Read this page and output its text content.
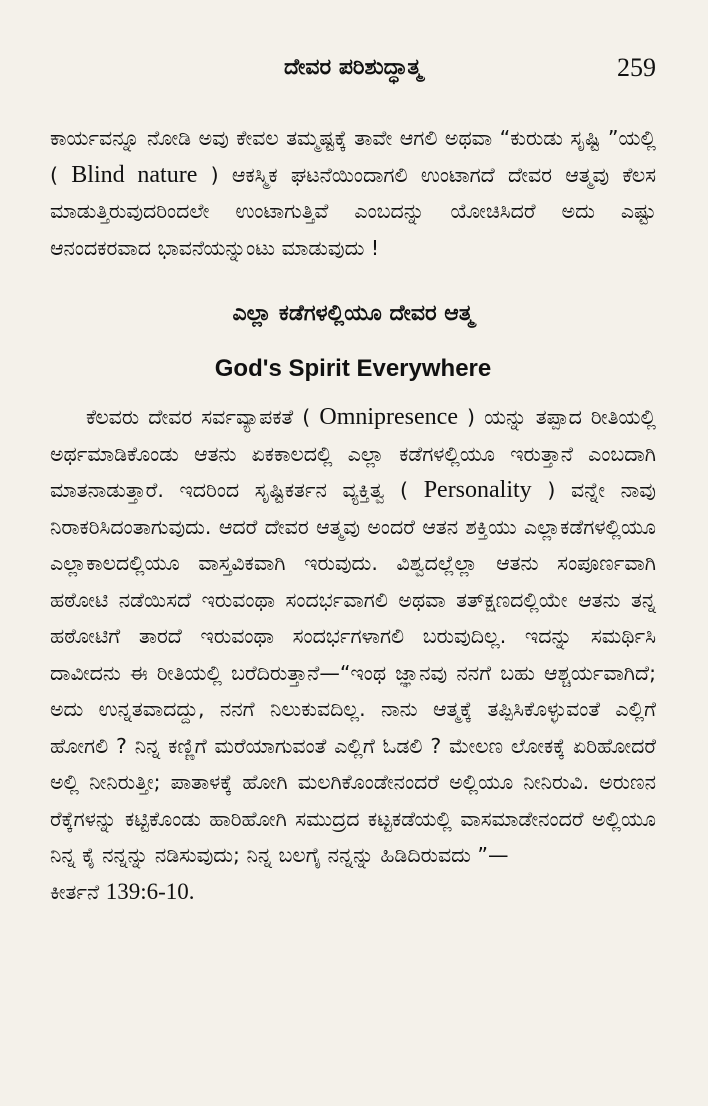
ದೇವರ ಪರಿಶುದ್ಧಾತ್ಮ	259

ಕಾರ್ಯವನ್ನೂ ನೋಡಿ ಅವು ಕೇವಲ ತಮ್ಮಷ್ಟಕ್ಕೆ ತಾವೇ ಆಗಲಿ ಅಥವಾ “ಕುರುಡು ಸೃಷ್ಟಿ ”ಯಲ್ಲಿ ( Blind nature ) ಆಕಸ್ಮಿಕ ಘಟನೆಯಿಂದಾಗಲಿ ಉಂಟಾಗದೆ ದೇವರ ಆತ್ಮವು ಕೆಲಸ ಮಾಡುತ್ತಿರುವುದರಿಂದಲೇ ಉಂಟಾಗುತ್ತಿವೆ ಎಂಬದನ್ನು ಯೋಚಿಸಿದರೆ ಅದು ಎಷ್ಟು ಆನಂದಕರವಾದ ಭಾವನೆಯನ್ನುಂಟು ಮಾಡುವುದು !

ಎಲ್ಲಾ ಕಡೆಗಳಲ್ಲಿಯೂ ದೇವರ ಆತ್ಮ

God's Spirit Everywhere

ಕೆಲವರು ದೇವರ ಸರ್ವವ್ಯಾಪಕತೆ ( Omnipresence ) ಯನ್ನು ತಪ್ಪಾದ ರೀತಿಯಲ್ಲಿ ಅರ್ಥಮಾಡಿಕೊಂಡು ಆತನು ಏಕಕಾಲದಲ್ಲಿ ಎಲ್ಲಾ ಕಡೆಗಳಲ್ಲಿಯೂ ಇರುತ್ತಾನೆ ಎಂಬದಾಗಿ ಮಾತನಾಡುತ್ತಾರೆ. ಇದರಿಂದ ಸೃಷ್ಟಿಕರ್ತನ ವ್ಯಕ್ತಿತ್ವ ( Personality ) ವನ್ನೇ ನಾವು ನಿರಾಕರಿಸಿದಂತಾಗುವುದು. ಆದರೆ ದೇವರ ಆತ್ಮವು ಅಂದರೆ ಆತನ ಶಕ್ತಿಯು ಎಲ್ಲಾಕಡೆಗಳಲ್ಲಿಯೂ ಎಲ್ಲಾಕಾಲದಲ್ಲಿಯೂ ವಾಸ್ತವಿಕವಾಗಿ ಇರುವುದು. ವಿಶ್ವದಲ್ಲೆಲ್ಲಾ ಆತನು ಸಂಪೂರ್ಣವಾಗಿ ಹಠೋಟಿ ನಡೆಯಿಸದೆ ಇರುವಂಥಾ ಸಂದರ್ಭವಾಗಲಿ ಅಥವಾ ತತ್‌ಕ್ಷಣದಲ್ಲಿಯೇ ಆತನು ತನ್ನ ಹಠೋಟಿಗೆ ತಾರದೆ ಇರುವಂಥಾ ಸಂದರ್ಭಗಳಾಗಲಿ ಬರುವುದಿಲ್ಲ. ಇದನ್ನು ಸಮರ್ಥಿಸಿ ದಾವೀದನು ಈ ರೀತಿಯಲ್ಲಿ ಬರೆದಿರುತ್ತಾನೆ—“ಇಂಥ ಜ್ಞಾನವು ನನಗೆ ಬಹು ಆಶ್ಚರ್ಯವಾಗಿದೆ; ಅದು ಉನ್ನತವಾದದ್ದು, ನನಗೆ ನಿಲುಕುವದಿಲ್ಲ. ನಾನು ಆತ್ಮಕ್ಕೆ ತಪ್ಪಿಸಿಕೊಳ್ಳುವಂತೆ ಎಲ್ಲಿಗೆ ಹೋಗಲಿ ? ನಿನ್ನ ಕಣ್ಣಿಗೆ ಮರೆಯಾಗುವಂತೆ ಎಲ್ಲಿಗೆ ಓಡಲಿ ? ಮೇಲಣ ಲೋಕಕ್ಕೆ ಏರಿಹೋದರೆ ಅಲ್ಲಿ ನೀನಿರುತ್ತೀ; ಪಾತಾಳಕ್ಕೆ ಹೋಗಿ ಮಲಗಿಕೊಂಡೇನಂದರೆ ಅಲ್ಲಿಯೂ ನೀನಿರುವಿ. ಅರುಣನ ರೆಕ್ಕೆಗಳನ್ನು ಕಟ್ಟಿಕೊಂಡು ಹಾರಿಹೋಗಿ ಸಮುದ್ರದ ಕಟ್ಟಕಡೆಯಲ್ಲಿ ವಾಸಮಾಡೇನಂದರೆ ಅಲ್ಲಿಯೂ ನಿನ್ನ ಕೈ ನನ್ನನ್ನು ನಡಿಸುವುದು; ನಿನ್ನ ಬಲಗೈ ನನ್ನನ್ನು ಹಿಡಿದಿರುವದು ”—
ಕೀರ್ತನೆ 139:6-10.
